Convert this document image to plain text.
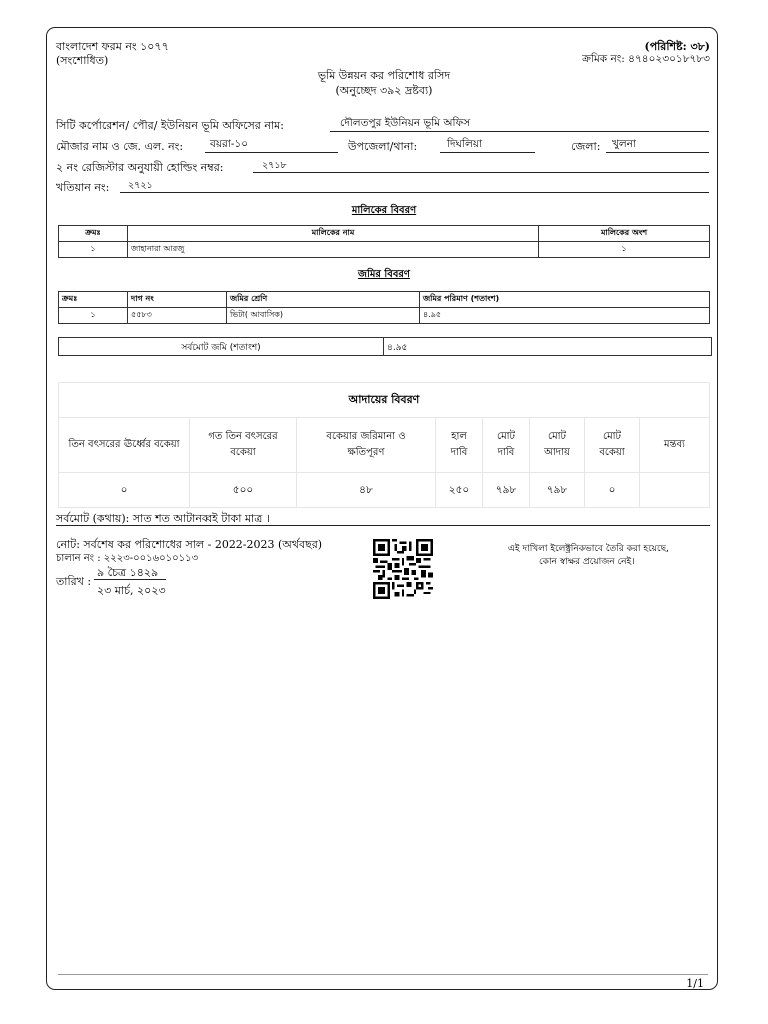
বাংলাদেশ ফরম নং ১০৭৭
(সংশোধিত)
(পরিশিষ্ট: ৩৮)
ক্রমিক নং: ৪৭৪০২৩০১৮৭৮৩
ভূমি উন্নয়ন কর পরিশোধ রসিদ
(অনুচ্ছেদ ৩৯২ দ্রষ্টব্য)
সিটি কর্পোরেশন/ পৌর/ ইউনিয়ন ভূমি অফিসের নাম:	দৌলতপুর ইউনিয়ন ভূমি অফিস
মৌজার নাম ও জে. এল. নং:	বয়রা-১০	উপজেলা/থানা:	দিঘলিয়া	জেলা: খুলনা
২ নং রেজিস্টার অনুযায়ী হোল্ডিং নম্বর:	২৭১৮
খতিয়ান নং: ২৭২১
মালিকের বিবরণ
ক্রমঃ	মালিকের নাম	মালিকের অংশ
১	জাহানারা আরজু	১
জমির বিবরণ
ক্রমঃ	দাগ নং	জমির শ্রেণি	জমির পরিমাণ (শতাংশ)
১	৫৫৮৩	ভিটা( আবাসিক)	৪.৯৫
সর্বমোট জমি (শতাংশ)	৪.৯৫
আদায়ের বিবরণ							
তিন বৎসরের ঊর্ধ্বের বকেয়া	গত তিন বৎসরের বকেয়া	বকেয়ার জরিমানা ও ক্ষতিপূরণ	হাল দাবি	মোট দাবি	মোট আদায়	মোট বকেয়া	মন্তব্য
০	৫০০	৪৮	২৫০	৭৯৮	৭৯৮	০	
সর্বমোট (কথায়): সাত শত আটানব্বই টাকা মাত্র ।
নোট: সর্বশেষ কর পরিশোধের সাল - 2022-2023 (অর্থবছর)
চালান নং : ২২২৩-০০১৬০১০১১৩
তারিখ :
৯ চৈত্র ১৪২৯
২৩ মার্চ, ২০২৩
এই দাখিলা ইলেক্ট্রনিকভাবে তৈরি করা হয়েছে,
কোন স্বাক্ষর প্রয়োজন নেই।
1/1
